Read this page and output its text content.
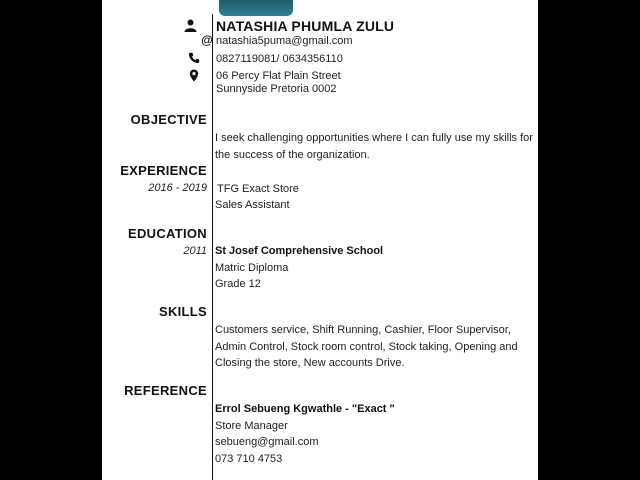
@
NATASHIA PHUMLA ZULU
natashia5puma@gmail.com
0827119081/ 0634356110
06 Percy Flat Plain Street
Sunnyside Pretoria 0002
OBJECTIVE
I seek challenging opportunities where I can fully use my skills for
the success of the organization.
EXPERIENCE
2016 - 2019 TFG Exact Store
Sales Assistant
EDUCATION
2011 St Josef Comprehensive School
Matric Diploma
Grade 12
SKILLS
Customers service, Shift Running, Cashier, Floor Supervisor,
Admin Control, Stock room control, Stock taking, Opening and
Closing the store, New accounts Drive.
REFERENCE
Errol Sebueng Kgwathle - "Exact "
Store Manager
sebueng@gmail.com
073 710 4753
